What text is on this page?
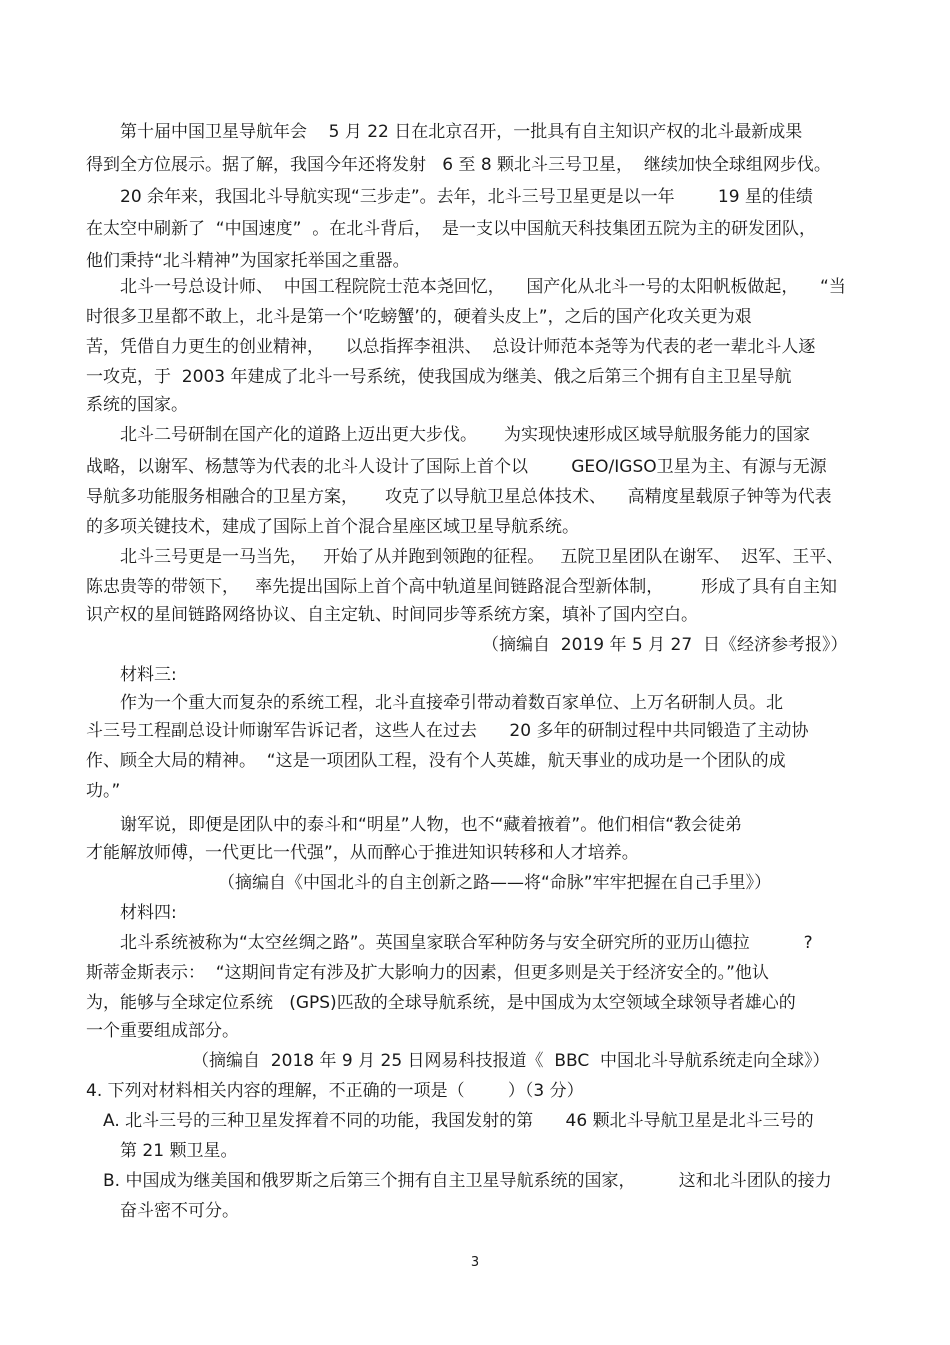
第十届中国卫星导航年会    5 月 22 日在北京召开，一批具有自主知识产权的北斗最新成果
得到全方位展示。据了解，我国今年还将发射   6 至 8 颗北斗三号卫星，  继续加快全球组网步伐。
20 余年来，我国北斗导航实现“三步走”。去年，北斗三号卫星更是以一年        19 星的佳绩
在太空中刷新了  “中国速度”  。在北斗背后，  是一支以中国航天科技集团五院为主的研发团队，
他们秉持“北斗精神”为国家托举国之重器。
北斗一号总设计师、  中国工程院院士范本尧回忆，    国产化从北斗一号的太阳帆板做起，    “当
时很多卫星都不敢上，北斗是第一个‘吃螃蟹’的，硬着头皮上”，之后的国产化攻关更为艰
苦，凭借自力更生的创业精神，    以总指挥李祖洪、  总设计师范本尧等为代表的老一辈北斗人逐
一攻克，于  2003 年建成了北斗一号系统，使我国成为继美、俄之后第三个拥有自主卫星导航
系统的国家。
北斗二号研制在国产化的道路上迈出更大步伐。     为实现快速形成区域导航服务能力的国家
战略，以谢军、杨慧等为代表的北斗人设计了国际上首个以        GEO/IGSO卫星为主、有源与无源
导航多功能服务相融合的卫星方案，     攻克了以导航卫星总体技术、    高精度星载原子钟等为代表
的多项关键技术，建成了国际上首个混合星座区域卫星导航系统。
北斗三号更是一马当先，   开始了从并跑到领跑的征程。   五院卫星团队在谢军、  迟军、王平、
陈忠贵等的带领下，   率先提出国际上首个高中轨道星间链路混合型新体制，       形成了具有自主知
识产权的星间链路网络协议、自主定轨、时间同步等系统方案，填补了国内空白。
（摘编自  2019 年 5 月 27  日《经济参考报》）
材料三:
作为一个重大而复杂的系统工程，北斗直接牵引带动着数百家单位、上万名研制人员。北
斗三号工程副总设计师谢军告诉记者，这些人在过去      20 多年的研制过程中共同锻造了主动协
作、顾全大局的精神。  “这是一项团队工程，没有个人英雄，航天事业的成功是一个团队的成
功。”
谢军说，即便是团队中的泰斗和“明星”人物，也不“藏着掖着”。他们相信“教会徒弟
才能解放师傅，一代更比一代强”，从而醉心于推进知识转移和人才培养。
（摘编自《中国北斗的自主创新之路——将“命脉”牢牢把握在自己手里》）
材料四:
北斗系统被称为“太空丝绸之路”。英国皇家联合军种防务与安全研究所的亚历山德拉          ?
斯蒂金斯表示：  “这期间肯定有涉及扩大影响力的因素，但更多则是关于经济安全的。”他认
为，能够与全球定位系统   (GPS)匹敌的全球导航系统，是中国成为太空领域全球领导者雄心的
一个重要组成部分。
（摘编自  2018 年 9 月 25 日网易科技报道《  BBC  中国北斗导航系统走向全球》）
4. 下列对材料相关内容的理解，不正确的一项是（        ）（3 分）
A. 北斗三号的三种卫星发挥着不同的功能，我国发射的第      46 颗北斗导航卫星是北斗三号的
第 21 颗卫星。
B. 中国成为继美国和俄罗斯之后第三个拥有自主卫星导航系统的国家，        这和北斗团队的接力
奋斗密不可分。
3
